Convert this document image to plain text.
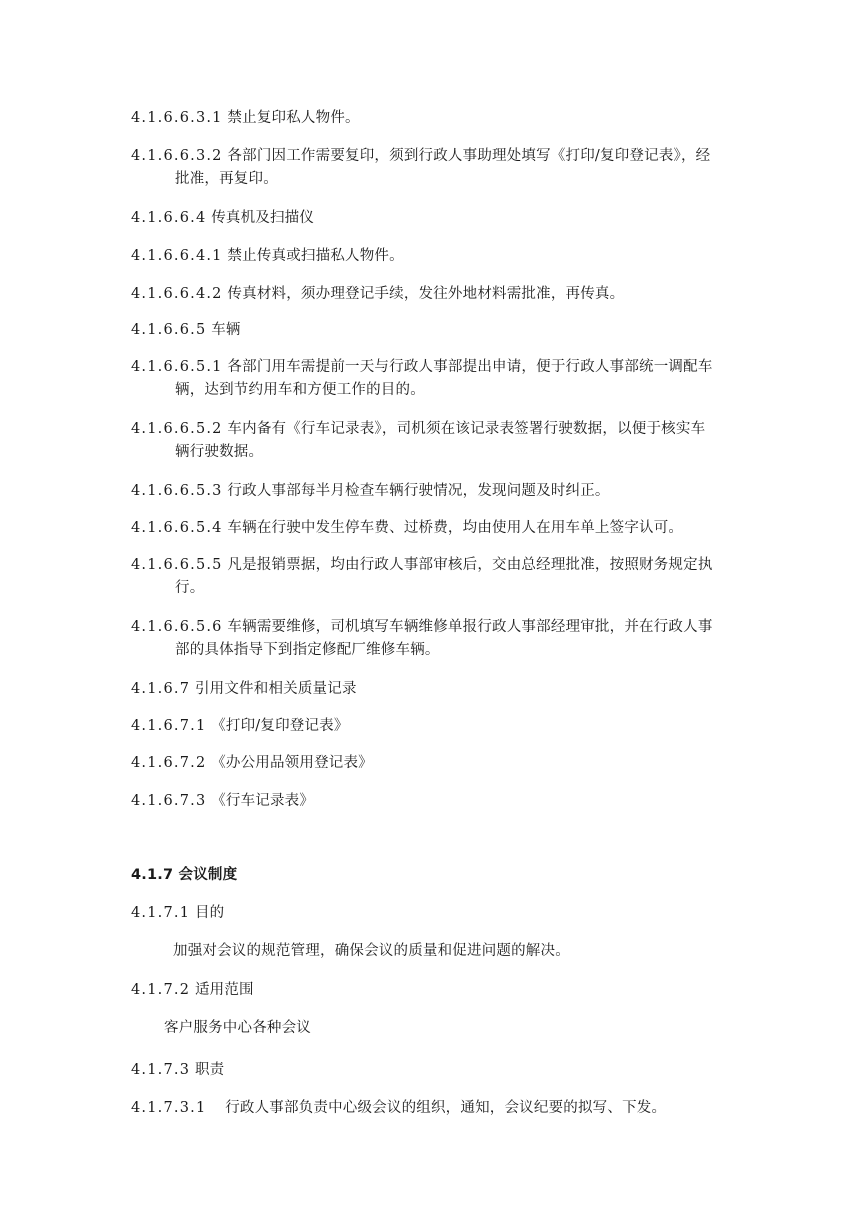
4.1.6.6.3.1 禁止复印私人物件。
4.1.6.6.3.2 各部门因工作需要复印，须到行政人事助理处填写《打印/复印登记表》，经
批准，再复印。
4.1.6.6.4 传真机及扫描仪
4.1.6.6.4.1 禁止传真或扫描私人物件。
4.1.6.6.4.2 传真材料，须办理登记手续，发往外地材料需批准，再传真。
4.1.6.6.5 车辆
4.1.6.6.5.1 各部门用车需提前一天与行政人事部提出申请，便于行政人事部统一调配车
辆，达到节约用车和方便工作的目的。
4.1.6.6.5.2 车内备有《行车记录表》，司机须在该记录表签署行驶数据，以便于核实车
辆行驶数据。
4.1.6.6.5.3 行政人事部每半月检查车辆行驶情况，发现问题及时纠正。
4.1.6.6.5.4 车辆在行驶中发生停车费、过桥费，均由使用人在用车单上签字认可。
4.1.6.6.5.5 凡是报销票据，均由行政人事部审核后，交由总经理批准，按照财务规定执
行。
4.1.6.6.5.6 车辆需要维修，司机填写车辆维修单报行政人事部经理审批，并在行政人事
部的具体指导下到指定修配厂维修车辆。
4.1.6.7 引用文件和相关质量记录
4.1.6.7.1 《打印/复印登记表》
4.1.6.7.2 《办公用品领用登记表》
4.1.6.7.3 《行车记录表》
4.1.7 会议制度
4.1.7.1 目的
加强对会议的规范管理，确保会议的质量和促进问题的解决。
4.1.7.2 适用范围
客户服务中心各种会议
4.1.7.3 职责
4.1.7.3.1 行政人事部负责中心级会议的组织，通知，会议纪要的拟写、下发。
